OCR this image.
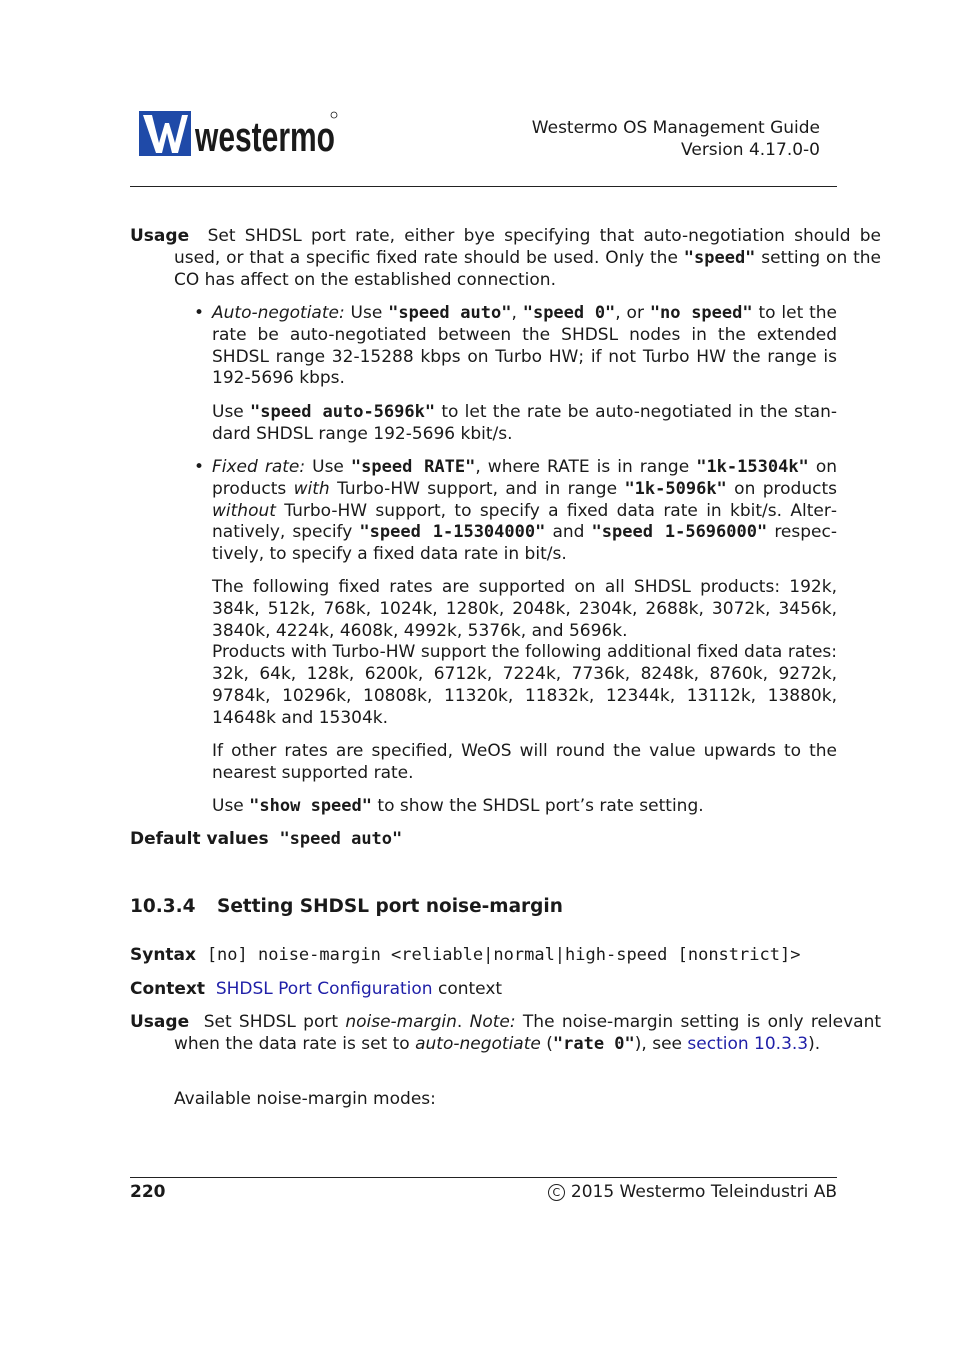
westermo	Westermo OS Management Guide
Version 4.17.0-0
Usage Set SHDSL port rate, either bye specifying that auto-negotiation should be used, or that a specific fixed rate should be used. Only the "speed" setting on the CO has affect on the established connection.
• Auto-negotiate: Use "speed auto", "speed 0", or "no speed" to let the rate be auto-negotiated between the SHDSL nodes in the extended SHDSL range 32-15288 kbps on Turbo HW; if not Turbo HW the range is 192-5696 kbps.
Use "speed auto-5696k" to let the rate be auto-negotiated in the standard SHDSL range 192-5696 kbit/s.
• Fixed rate: Use "speed RATE", where RATE is in range "1k-15304k" on products with Turbo-HW support, and in range "1k-5096k" on products without Turbo-HW support, to specify a fixed data rate in kbit/s. Alternatively, specify "speed 1-15304000" and "speed 1-5696000" respectively, to specify a fixed data rate in bit/s.
The following fixed rates are supported on all SHDSL products: 192k, 384k, 512k, 768k, 1024k, 1280k, 2048k, 2304k, 2688k, 3072k, 3456k, 3840k, 4224k, 4608k, 4992k, 5376k, and 5696k.
Products with Turbo-HW support the following additional fixed data rates: 32k, 64k, 128k, 6200k, 6712k, 7224k, 7736k, 8248k, 8760k, 9272k, 9784k, 10296k, 10808k, 11320k, 11832k, 12344k, 13112k, 13880k, 14648k and 15304k.
If other rates are specified, WeOS will round the value upwards to the nearest supported rate.
Use "show speed" to show the SHDSL port’s rate setting.
Default values "speed auto"
10.3.4 Setting SHDSL port noise-margin
Syntax [no] noise-margin <reliable|normal|high-speed [nonstrict]>
Context SHDSL Port Configuration context
Usage Set SHDSL port noise-margin. Note: The noise-margin setting is only relevant when the data rate is set to auto-negotiate ("rate 0"), see section 10.3.3).
Available noise-margin modes:
220	C 2015 Westermo Teleindustri AB
